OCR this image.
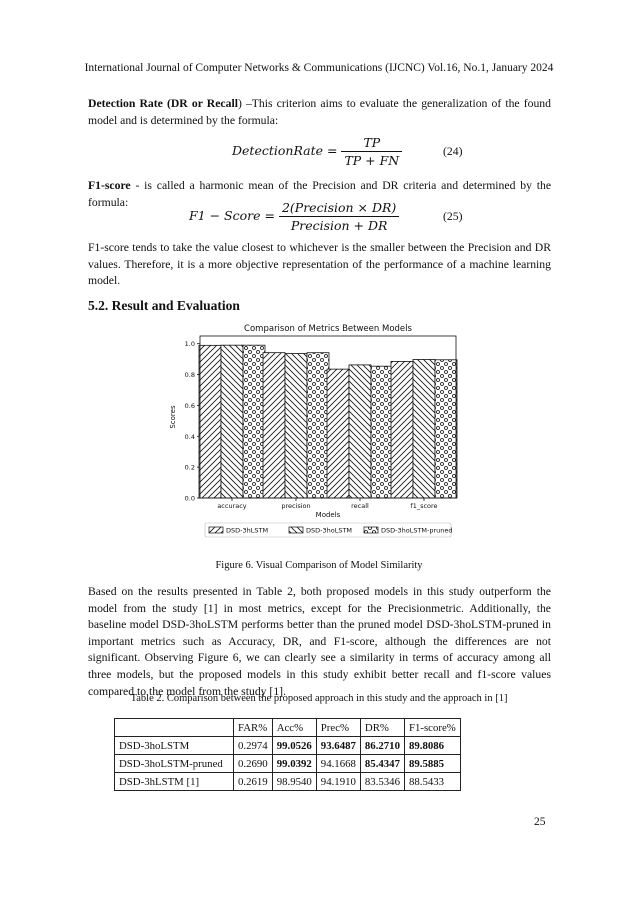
International Journal of Computer Networks & Communications (IJCNC) Vol.16, No.1, January 2024
Detection Rate (DR or Recall) –This criterion aims to evaluate the generalization of the found model and is determined by the formula:
DetectionRate = $\frac{TP}{TP + FN}$	(24)
F1-score - is called a harmonic mean of the Precision and DR criteria and determined by the formula:
F1 − Score = $\frac{\text{2(Precision × DR)}}{\text{Precision + DR}}$	(25)
F1-score tends to take the value closest to whichever is the smaller between the Precision and DR values. Therefore, it is a more objective representation of the performance of a machine learning model.
5.2. Result and Evaluation
Comparison of Metrics Between Models
0.0
0.2
0.4
0.6
0.8
1.0
accuracy	precision	recall	f1_score
Models
Scores
DSD-3hLSTM	DSD-3hoLSTM	DSD-3hoLSTM-pruned
Figure 6. Visual Comparison of Model Similarity
Based on the results presented in Table 2, both proposed models in this study outperform the model from the study [1] in most metrics, except for the Precisionmetric. Additionally, the baseline model DSD-3hoLSTM performs better than the pruned model DSD-3hoLSTM-pruned in important metrics such as Accuracy, DR, and F1-score, although the differences are not significant. Observing Figure 6, we can clearly see a similarity in terms of accuracy among all three models, but the proposed models in this study exhibit better recall and f1-score values compared to the model from the study [1].
Table 2. Comparison between the proposed approach in this study and the approach in [1]
	FAR%	Acc%	Prec%	DR%	F1-score%
DSD-3hoLSTM	0.2974	99.0526	93.6487	86.2710	89.8086
DSD-3hoLSTM-pruned	0.2690	99.0392	94.1668	85.4347	89.5885
DSD-3hLSTM [1]	0.2619	98.9540	94.1910	83.5346	88.5433
25
